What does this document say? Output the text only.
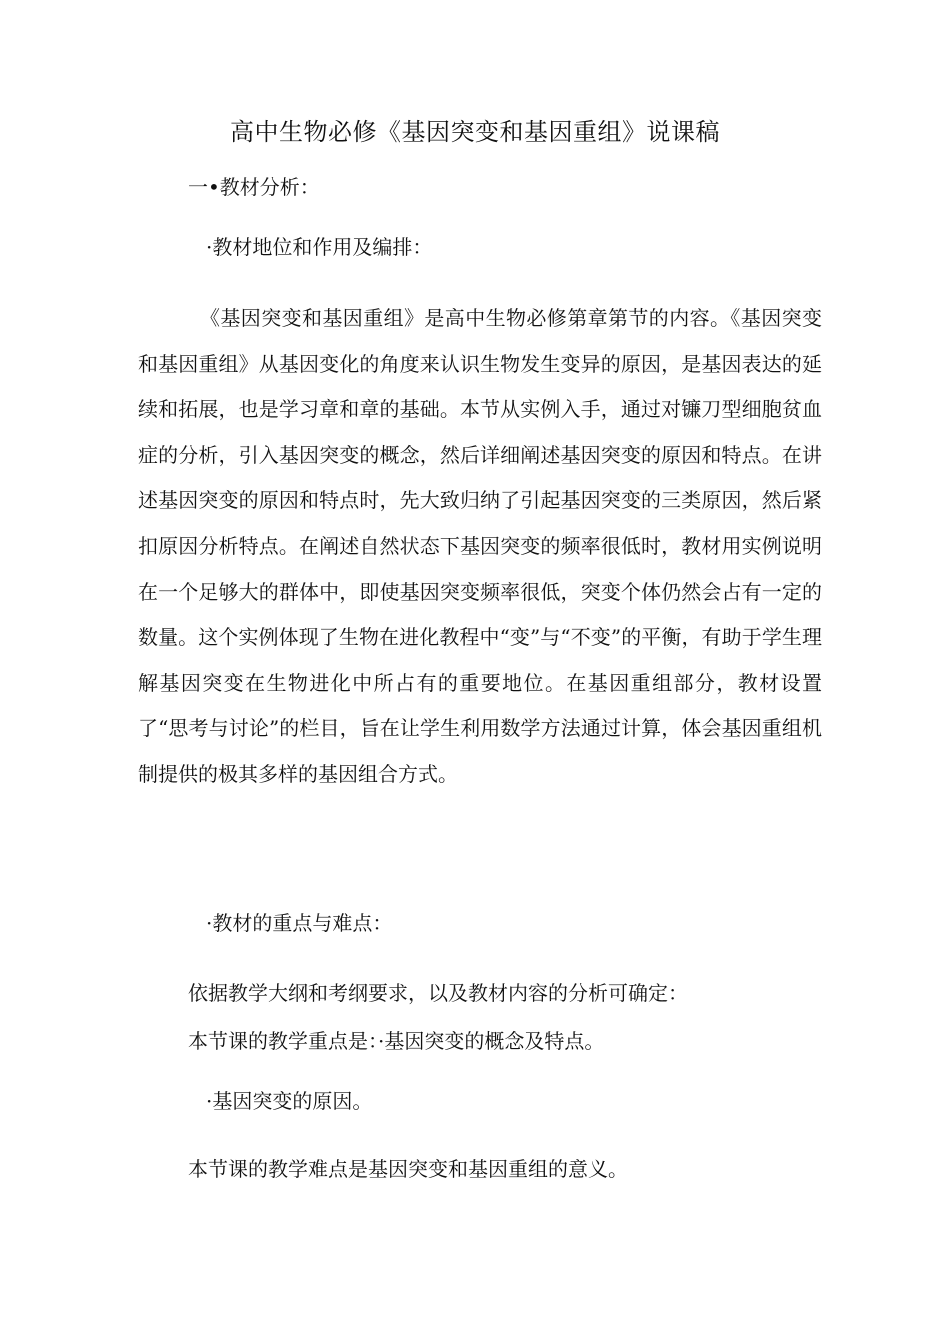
高中生物必修《基因突变和基因重组》说课稿
一•教材分析：
·教材地位和作用及编排：
《基因突变和基因重组》是高中生物必修第章第节的内容。《基因突变和基因重组》从基因变化的角度来认识生物发生变异的原因，是基因表达的延续和拓展，也是学习章和章的基础。本节从实例入手，通过对镰刀型细胞贫血症的分析，引入基因突变的概念，然后详细阐述基因突变的原因和特点。在讲述基因突变的原因和特点时，先大致归纳了引起基因突变的三类原因，然后紧扣原因分析特点。在阐述自然状态下基因突变的频率很低时，教材用实例说明在一个足够大的群体中，即使基因突变频率很低，突变个体仍然会占有一定的数量。这个实例体现了生物在进化教程中“变”与“不变”的平衡，有助于学生理解基因突变在生物进化中所占有的重要地位。在基因重组部分，教材设置了“思考与讨论”的栏目，旨在让学生利用数学方法通过计算，体会基因重组机制提供的极其多样的基因组合方式。
·教材的重点与难点：
依据教学大纲和考纲要求，以及教材内容的分析可确定：
本节课的教学重点是：·基因突变的概念及特点。
·基因突变的原因。
本节课的教学难点是基因突变和基因重组的意义。
